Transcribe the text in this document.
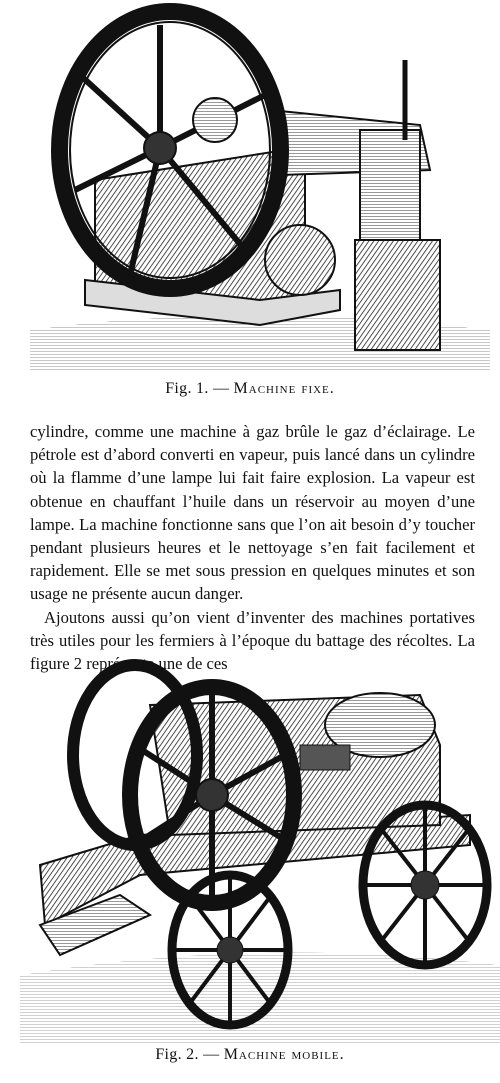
Fig. 1. — Machine fixe.

cylindre, comme une machine à gaz brûle le gaz d’éclairage. Le pétrole est d’abord converti en vapeur, puis lancé dans un cylindre où la flamme d’une lampe lui fait faire explosion. La vapeur est obtenue en chauffant l’huile dans un réservoir au moyen d’une lampe. La machine fonctionne sans que l’on ait besoin d’y toucher pendant plusieurs heures et le nettoyage s’en fait facilement et rapidement. Elle se met sous pression en quelques minutes et son usage ne présente aucun danger.

Ajoutons aussi qu’on vient d’inventer des machines portatives très utiles pour les fermiers à l’époque du battage des récoltes. La figure 2 représente une de ces

Fig. 2. — Machine mobile.
